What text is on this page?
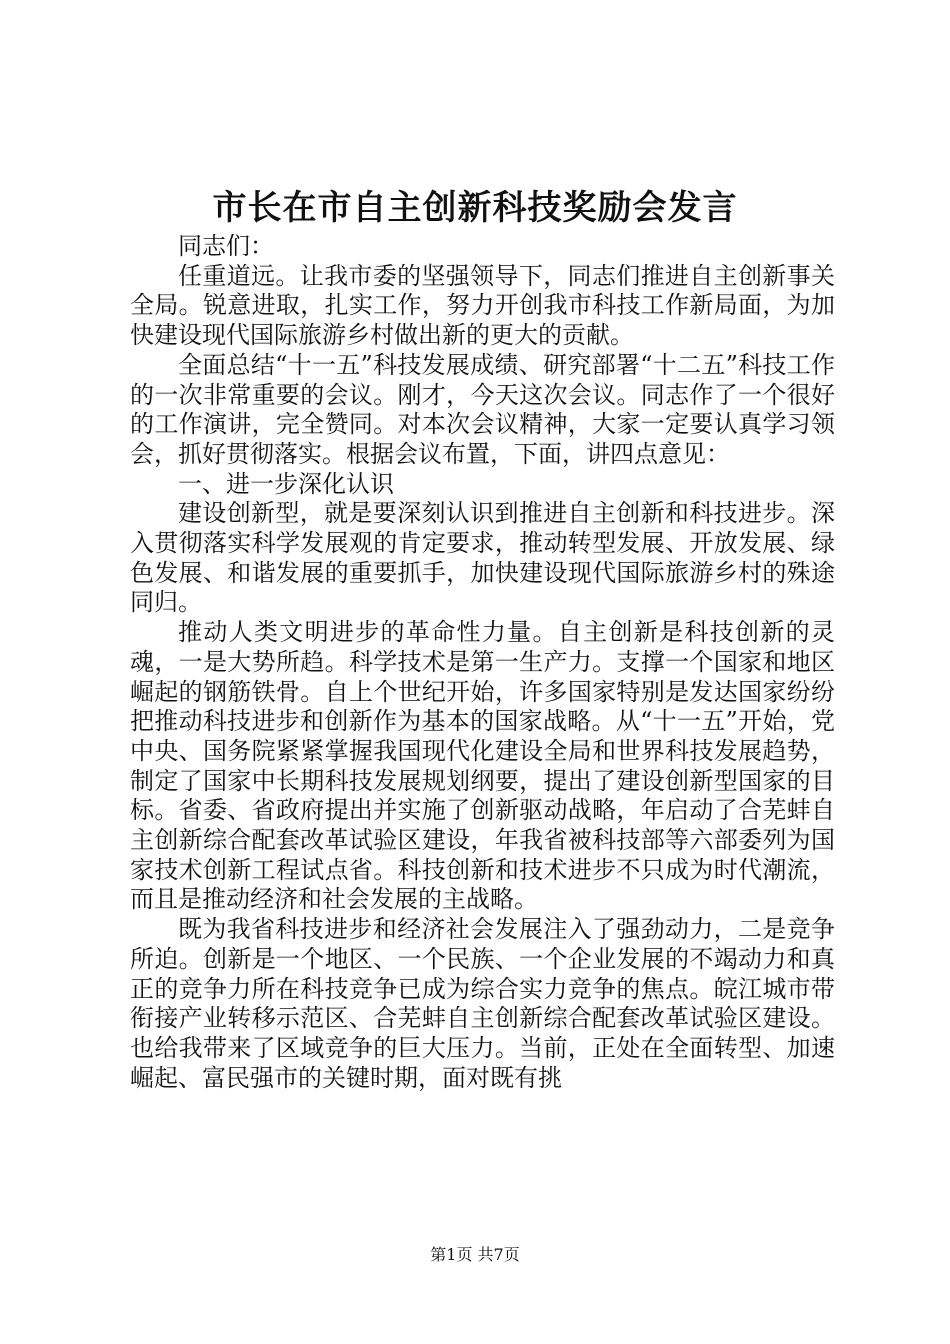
市长在市自主创新科技奖励会发言

同志们：

任重道远。让我市委的坚强领导下，同志们推进自主创新事关全局。锐意进取，扎实工作，努力开创我市科技工作新局面，为加快建设现代国际旅游乡村做出新的更大的贡献。

全面总结“十一五”科技发展成绩、研究部署“十二五”科技工作的一次非常重要的会议。刚才，今天这次会议。同志作了一个很好的工作演讲，完全赞同。对本次会议精神，大家一定要认真学习领会，抓好贯彻落实。根据会议布置，下面，讲四点意见：

一、进一步深化认识

建设创新型，就是要深刻认识到推进自主创新和科技进步。深入贯彻落实科学发展观的肯定要求，推动转型发展、开放发展、绿色发展、和谐发展的重要抓手，加快建设现代国际旅游乡村的殊途同归。

推动人类文明进步的革命性力量。自主创新是科技创新的灵魂，一是大势所趋。科学技术是第一生产力。支撑一个国家和地区崛起的钢筋铁骨。自上个世纪开始，许多国家特别是发达国家纷纷把推动科技进步和创新作为基本的国家战略。从“十一五”开始，党中央、国务院紧紧掌握我国现代化建设全局和世界科技发展趋势，制定了国家中长期科技发展规划纲要，提出了建设创新型国家的目标。省委、省政府提出并实施了创新驱动战略，年启动了合芜蚌自主创新综合配套改革试验区建设，年我省被科技部等六部委列为国家技术创新工程试点省。科技创新和技术进步不只成为时代潮流，而且是推动经济和社会发展的主战略。

既为我省科技进步和经济社会发展注入了强劲动力，二是竞争所迫。创新是一个地区、一个民族、一个企业发展的不竭动力和真正的竞争力所在科技竞争已成为综合实力竞争的焦点。皖江城市带衔接产业转移示范区、合芜蚌自主创新综合配套改革试验区建设。也给我带来了区域竞争的巨大压力。当前，正处在全面转型、加速崛起、富民强市的关键时期，面对既有挑

第1页 共7页
